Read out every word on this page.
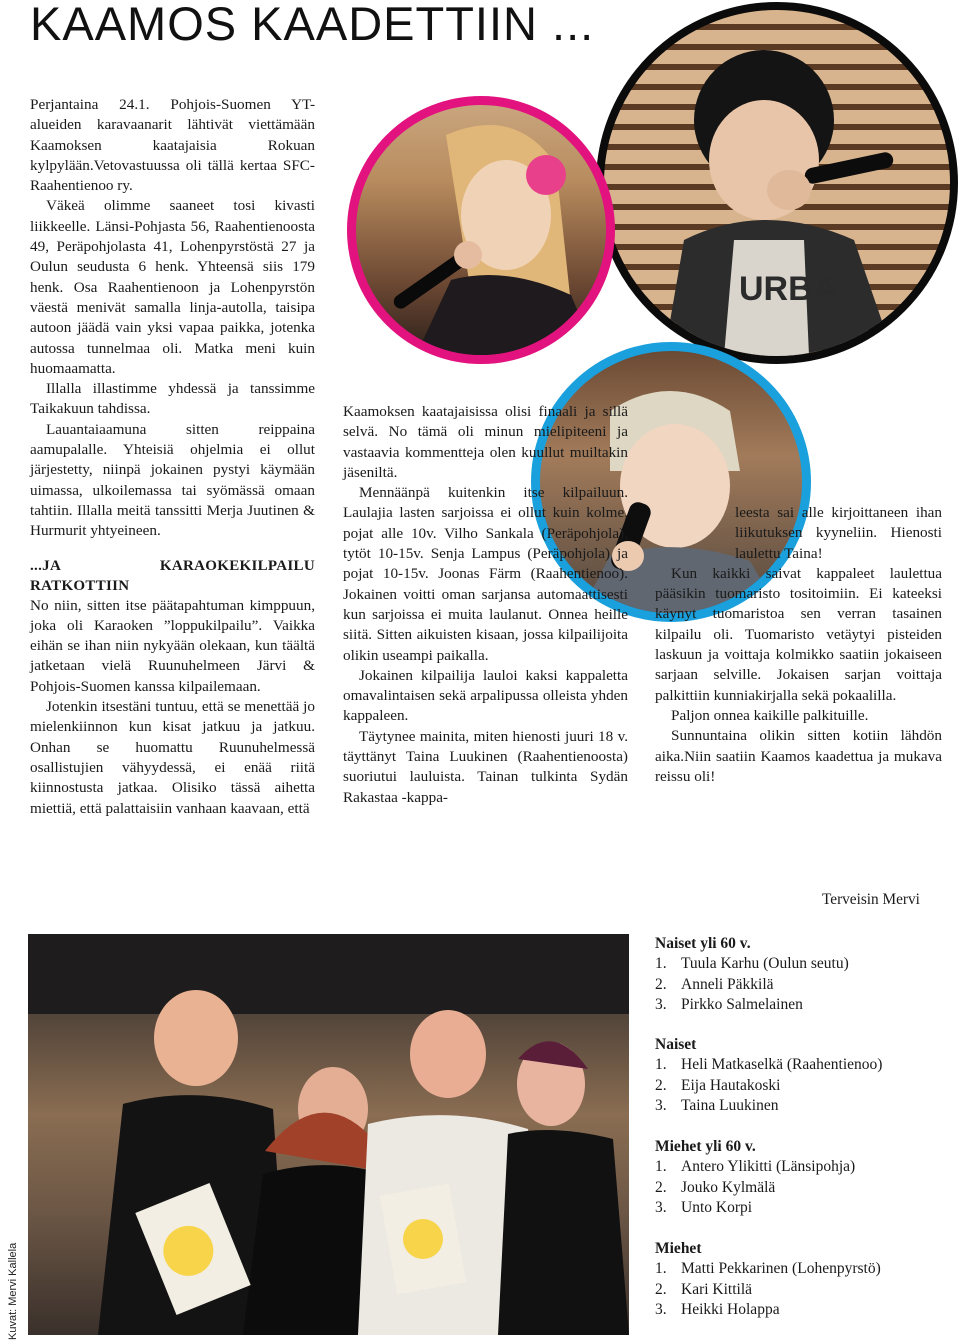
KAAMOS KAADETTIIN ...

Perjantaina 24.1. Pohjois-Suomen YT-alueiden karavaanarit lähtivät viettämään Kaamoksen kaatajaisia Rokuan kylpylään.Vetovastuussa oli tällä kertaa SFC-Raahentienoo ry.

Väkeä olimme saaneet tosi kivasti liikkeelle. Länsi-Pohjasta 56, Raahentienoosta 49, Peräpohjolasta 41, Lohenpyrstöstä 27 ja Oulun seudusta 6 henk. Yhteensä siis 179 henk. Osa Raahentienoon ja Lohenpyrstön väestä menivät samalla linja-autolla, taisipa autoon jäädä vain yksi vapaa paikka, jotenka autossa tunnelmaa oli. Matka meni kuin huomaamatta.

Illalla illastimme yhdessä ja tanssimme Taikakuun tahdissa.

Lauantaiaamuna sitten reippaina aamupalalle. Yhteisiä ohjelmia ei ollut järjestetty, niinpä jokainen pystyi käymään uimassa, ulkoilemassa tai syömässä omaan tahtiin. Illalla meitä tanssitti Merja Juutinen & Hurmurit yhtyeineen.

...JA KARAOKEKILPAILU RATKOTTIIN

No niin, sitten itse päätapahtuman kimppuun, joka oli Karaoken ”loppukilpailu”. Vaikka eihän se ihan niin nykyään olekaan, kun täältä jatketaan vielä Ruunuhelmeen Järvi & Pohjois-Suomen kanssa kilpailemaan.

Jotenkin itsestäni tuntuu, että se menettää jo mielenkiinnon kun kisat jatkuu ja jatkuu. Onhan se huomattu Ruunuhelmessä osallistujien vähyydessä, ei enää riitä kiinnostusta jatkaa. Olisiko tässä aihetta miettiä, että palattaisiin vanhaan kaavaan, että

URBA

Kaamoksen kaatajaisissa olisi finaali ja sillä selvä. No tämä oli minun mielipiteeni ja vastaavia kommentteja olen kuullut muiltakin jäseniltä.

Mennäänpä kuitenkin itse kilpailuun. Laulajia lasten sarjoissa ei ollut kuin kolme, pojat alle 10v. Vilho Sankala (Peräpohjola), tytöt 10-15v. Senja Lampus (Peräpohjola) ja pojat 10-15v. Joonas Färm (Raahentienoo). Jokainen voitti oman sarjansa automaattisesti kun sarjoissa ei muita laulanut. Onnea heille siitä. Sitten aikuisten kisaan, jossa kilpailijoita olikin useampi paikalla.

Jokainen kilpailija lauloi kaksi kappaletta omavalintaisen sekä arpalipussa olleista yhden kappaleen.

Täytynee mainita, miten hienosti juuri 18 v. täyttänyt Taina Luukinen (Raahentienoosta) suoriutui lauluista. Tainan tulkinta Sydän Rakastaa -kappa-

leesta sai alle kirjoittaneen ihan liikutuksen kyyneliin. Hienosti laulettu Taina!

Kun kaikki saivat kappaleet laulettua pääsikin tuomaristo tositoimiin. Ei kateeksi käynyt tuomaristoa sen verran tasainen kilpailu oli. Tuomaristo vetäytyi pisteiden laskuun ja voittaja kolmikko saatiin jokaiseen sarjaan selville. Jokaisen sarjan voittaja palkittiin kunniakirjalla sekä pokaalilla.

Paljon onnea kaikille palkituille.

Sunnuntaina olikin sitten kotiin lähdön aika.Niin saatiin Kaamos kaadettua ja mukava reissu oli!

Terveisin Mervi
Naiset yli 60 v.
1. Tuula Karhu (Oulun seutu)
2. Anneli Päkkilä
3. Pirkko Salmelainen
Naiset
1. Heli Matkaselkä (Raahentienoo)
2. Eija Hautakoski
3. Taina Luukinen
Miehet yli 60 v.
1. Antero Ylikitti (Länsipohja)
2. Jouko Kylmälä
3. Unto Korpi
Miehet
1. Matti Pekkarinen (Lohenpyrstö)
2. Kari Kittilä
3. Heikki Holappa
Kuvat: Mervi Kallela
